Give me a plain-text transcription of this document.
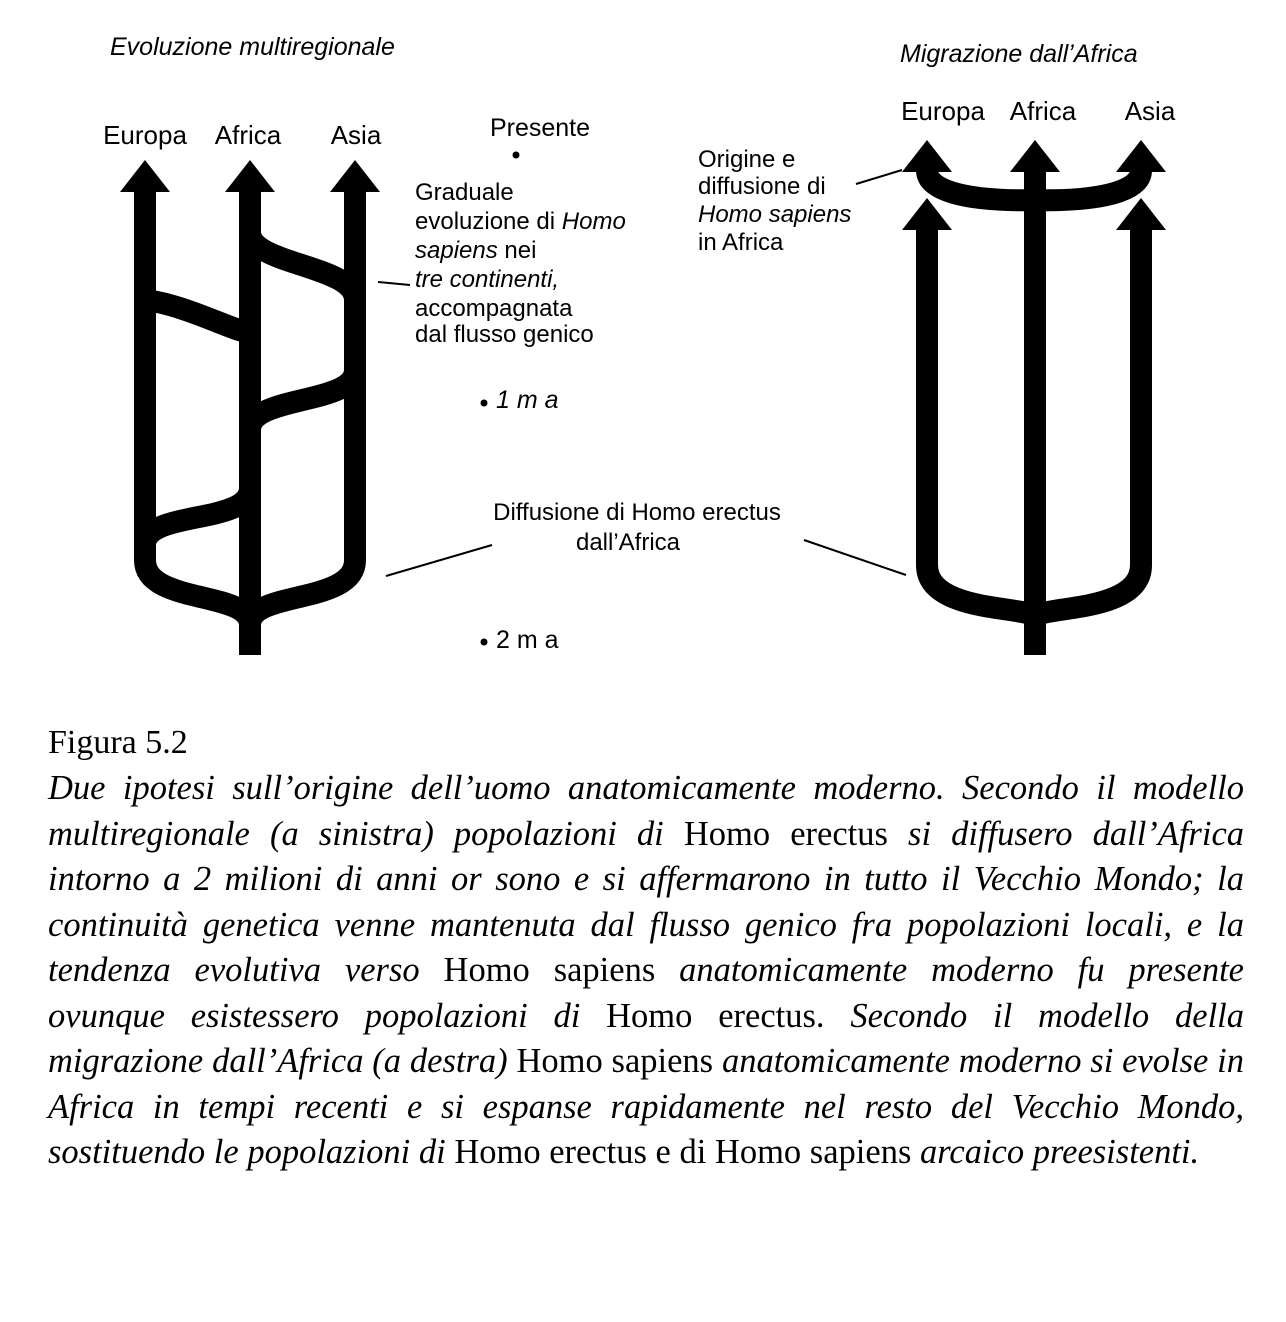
Evoluzione multiregionale
Europa Africa Asia	Presente
Graduale
evoluzione di Homo
sapiens nei
tre continenti,
accompagnata
dal flusso genico
1 m a
Diffusione di Homo erectus
dall’Africa
2 m a
Migrazione dall’Africa
Europa Africa Asia
Origine e
diffusione di
Homo sapiens
in Africa
Figura 5.2

Due ipotesi sull’origine dell’uomo anatomicamente moderno. Secondo il modello multiregionale (a sinistra) popolazioni di Homo erectus si diffusero dall’Africa intorno a 2 milioni di anni or sono e si affermarono in tutto il Vecchio Mondo; la continuità genetica venne mantenuta dal flusso genico fra popolazioni locali, e la tendenza evolutiva verso Homo sapiens anatomicamente moderno fu presente ovunque esistessero popolazioni di Homo erectus. Secondo il modello della migrazione dall’Africa (a destra) Homo sapiens anatomicamente moderno si evolse in Africa in tempi recenti e si espanse rapidamente nel resto del Vecchio Mondo, sostituendo le popolazioni di Homo erectus e di Homo sapiens arcaico preesistenti.
